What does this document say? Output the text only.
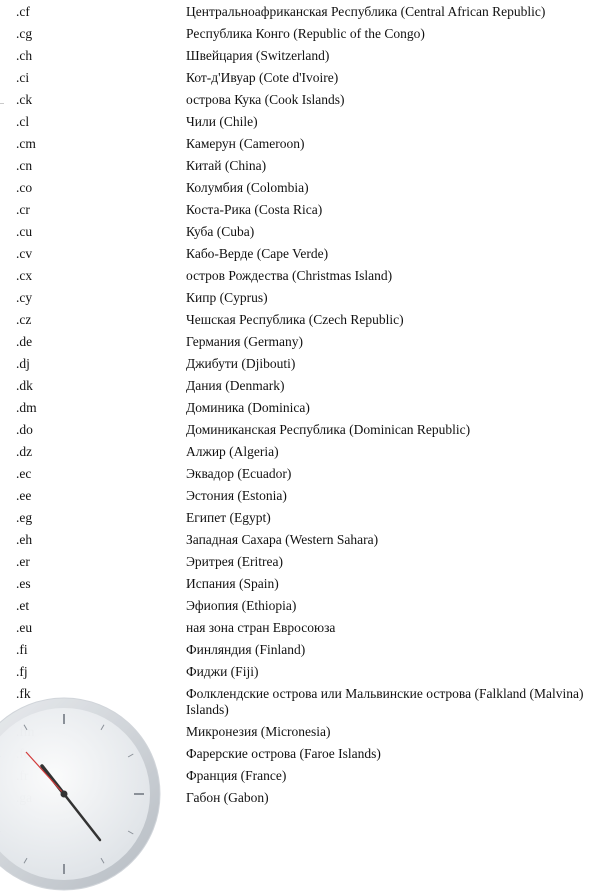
..
.cf	Центральноафриканская Республика (Central African Republic)
.cg	Республика Конго (Republic of the Congo)
.ch	Швейцария (Switzerland)
.ci	Кот-д'Ивуар (Cote d'Ivoire)
.ck	острова Кука (Cook Islands)
.cl	Чили (Chile)
.cm	Камерун (Cameroon)
.cn	Китай (China)
.co	Колумбия (Colombia)
.cr	Коста-Рика (Costa Rica)
.cu	Куба (Cuba)
.cv	Кабо-Верде (Cape Verde)
.cx	остров Рождества (Christmas Island)
.cy	Кипр (Cyprus)
.cz	Чешская Республика (Czech Republic)
.de	Германия (Germany)
.dj	Джибути (Djibouti)
.dk	Дания (Denmark)
.dm	Доминика (Dominica)
.do	Доминиканская Республика (Dominican Republic)
.dz	Алжир (Algeria)
.ec	Эквадор (Ecuador)
.ee	Эстония (Estonia)
.eg	Египет (Egypt)
.eh	Западная Сахара (Western Sahara)
.er	Эритрея (Eritrea)
.es	Испания (Spain)
.et	Эфиопия (Ethiopia)
.eu	ная зона стран Евросоюза
.fi	Финляндия (Finland)
.fj	Фиджи (Fiji)
.fk	Фолклендские острова или Мальвинские острова (Falkland (Malvina) Islands)
	Микронезия (Micronesia)
	Фарерские острова (Faroe Islands)
	Франция (France)
	Габон (Gabon)
